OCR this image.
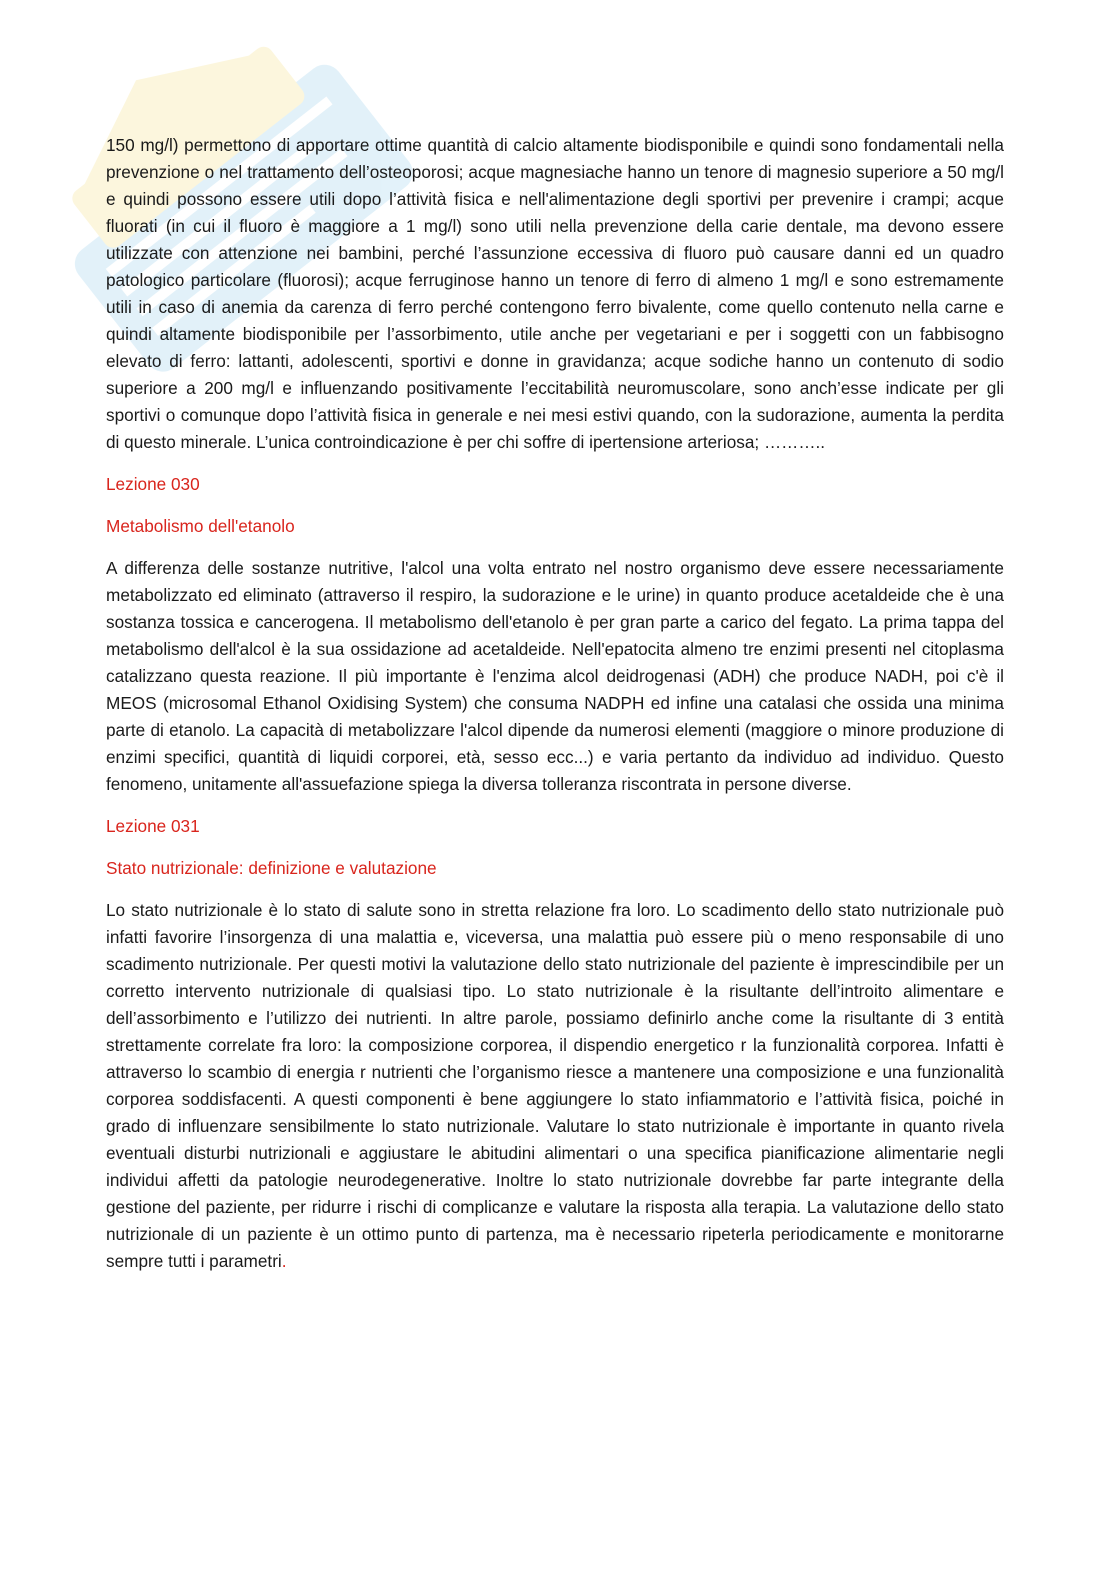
150 mg/l) permettono di apportare ottime quantità di calcio altamente biodisponibile e quindi sono fondamentali nella prevenzione o nel trattamento dell’osteoporosi; acque magnesiache hanno un tenore di magnesio superiore a 50 mg/l e quindi possono essere utili dopo l’attività fisica e nell'alimentazione degli sportivi per prevenire i crampi; acque fluorati (in cui il fluoro è maggiore a 1 mg/l) sono utili nella prevenzione della carie dentale, ma devono essere utilizzate con attenzione nei bambini, perché l’assunzione eccessiva di fluoro può causare danni ed un quadro patologico particolare (fluorosi); acque ferruginose hanno un tenore di ferro di almeno 1 mg/l e sono estremamente utili in caso di anemia da carenza di ferro perché contengono ferro bivalente, come quello contenuto nella carne e quindi altamente biodisponibile per l’assorbimento, utile anche per vegetariani e per i soggetti con un fabbisogno elevato di ferro: lattanti, adolescenti, sportivi e donne in gravidanza; acque sodiche hanno un contenuto di sodio superiore a 200 mg/l e influenzando positivamente l’eccitabilità neuromuscolare, sono anch’esse indicate per gli sportivi o comunque dopo l’attività fisica in generale e nei mesi estivi quando, con la sudorazione, aumenta la perdita di questo minerale. L’unica controindicazione è per chi soffre di ipertensione arteriosa; ………..

Lezione 030

Metabolismo dell'etanolo

A differenza delle sostanze nutritive, l'alcol una volta entrato nel nostro organismo deve essere necessariamente metabolizzato ed eliminato (attraverso il respiro, la sudorazione e le urine) in quanto produce acetaldeide che è una sostanza tossica e cancerogena. Il metabolismo dell'etanolo è per gran parte a carico del fegato. La prima tappa del metabolismo dell'alcol è la sua ossidazione ad acetaldeide. Nell'epatocita almeno tre enzimi presenti nel citoplasma catalizzano questa reazione. Il più importante è l'enzima alcol deidrogenasi (ADH) che produce NADH, poi c'è il MEOS (microsomal Ethanol Oxidising System) che consuma NADPH ed infine una catalasi che ossida una minima parte di etanolo. La capacità di metabolizzare l'alcol dipende da numerosi elementi (maggiore o minore produzione di enzimi specifici, quantità di liquidi corporei, età, sesso ecc...) e varia pertanto da individuo ad individuo. Questo fenomeno, unitamente all'assuefazione spiega la diversa tolleranza riscontrata in persone diverse.

Lezione 031

Stato nutrizionale: definizione e valutazione

Lo stato nutrizionale è lo stato di salute sono in stretta relazione fra loro. Lo scadimento dello stato nutrizionale può infatti favorire l’insorgenza di una malattia e, viceversa, una malattia può essere più o meno responsabile di uno scadimento nutrizionale. Per questi motivi la valutazione dello stato nutrizionale del paziente è imprescindibile per un corretto intervento nutrizionale di qualsiasi tipo. Lo stato nutrizionale è la risultante dell’introito alimentare e dell’assorbimento e l’utilizzo dei nutrienti. In altre parole, possiamo definirlo anche come la risultante di 3 entità strettamente correlate fra loro: la composizione corporea, il dispendio energetico r la funzionalità corporea. Infatti è attraverso lo scambio di energia r nutrienti che l’organismo riesce a mantenere una composizione e una funzionalità corporea soddisfacenti. A questi componenti è bene aggiungere lo stato infiammatorio e l’attività fisica, poiché in grado di influenzare sensibilmente lo stato nutrizionale. Valutare lo stato nutrizionale è importante in quanto rivela eventuali disturbi nutrizionali e aggiustare le abitudini alimentari o una specifica pianificazione alimentarie negli individui affetti da patologie neurodegenerative. Inoltre lo stato nutrizionale dovrebbe far parte integrante della gestione del paziente, per ridurre i rischi di complicanze e valutare la risposta alla terapia. La valutazione dello stato nutrizionale di un paziente è un ottimo punto di partenza, ma è necessario ripeterla periodicamente e monitorarne sempre tutti i parametri.
